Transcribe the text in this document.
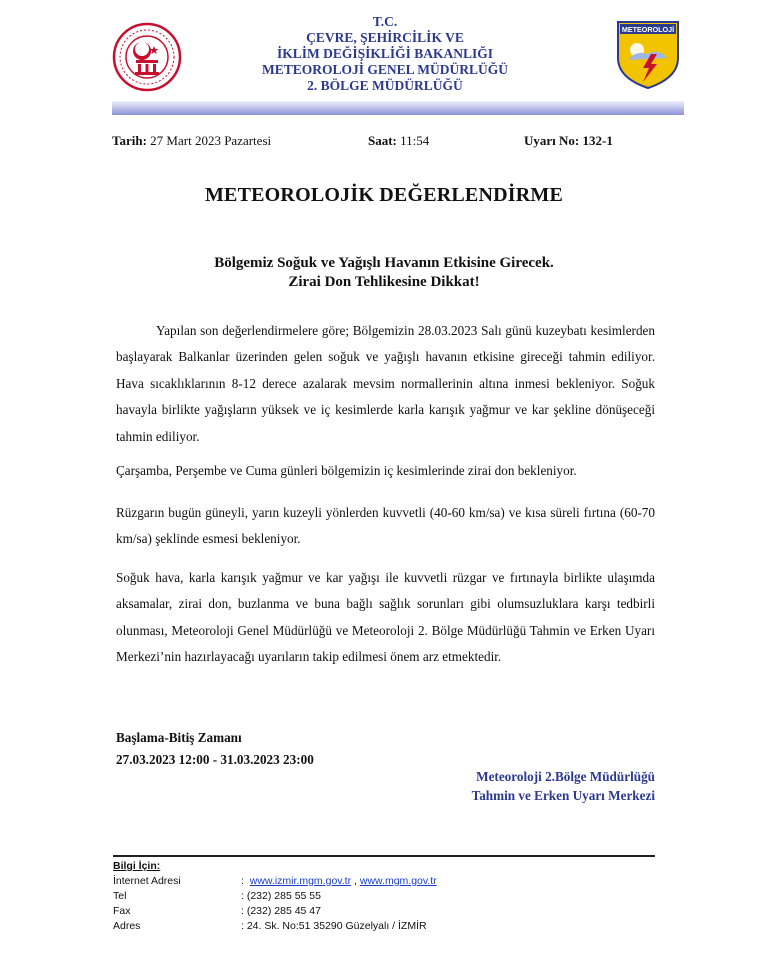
T.C.
ÇEVRE, ŞEHİRCİLİK VE
İKLİM DEĞİŞİKLİĞİ BAKANLIĞI
METEOROLOJİ GENEL MÜDÜRLÜĞÜ
2. BÖLGE MÜDÜRLÜĞÜ
METEOROLOJİ
Tarih: 27 Mart 2023 Pazartesi	Saat: 11:54	Uyarı No: 132-1
METEOROLOJİK DEĞERLENDİRME
Bölgemiz Soğuk ve Yağışlı Havanın Etkisine Girecek.
Zirai Don Tehlikesine Dikkat!
Yapılan son değerlendirmelere göre; Bölgemizin 28.03.2023 Salı günü kuzeybatı kesimlerden başlayarak Balkanlar üzerinden gelen soğuk ve yağışlı havanın etkisine gireceği tahmin ediliyor. Hava sıcaklıklarının 8-12 derece azalarak mevsim normallerinin altına inmesi bekleniyor. Soğuk havayla birlikte yağışların yüksek ve iç kesimlerde karla karışık yağmur ve kar şekline dönüşeceği tahmin ediliyor.
Çarşamba, Perşembe ve Cuma günleri bölgemizin iç kesimlerinde zirai don bekleniyor.
Rüzgarın bugün güneyli, yarın kuzeyli yönlerden kuvvetli (40-60 km/sa) ve kısa süreli fırtına (60-70 km/sa) şeklinde esmesi bekleniyor.
Soğuk hava, karla karışık yağmur ve kar yağışı ile kuvvetli rüzgar ve fırtınayla birlikte ulaşımda aksamalar, zirai don, buzlanma ve buna bağlı sağlık sorunları gibi olumsuzluklara karşı tedbirli olunması, Meteoroloji Genel Müdürlüğü ve Meteoroloji 2. Bölge Müdürlüğü Tahmin ve Erken Uyarı Merkezi’nin hazırlayacağı uyarıların takip edilmesi önem arz etmektedir.
Başlama-Bitiş Zamanı
27.03.2023 12:00 - 31.03.2023 23:00
Meteoroloji 2.Bölge Müdürlüğü
Tahmin ve Erken Uyarı Merkezi
Bilgi İçin:
İnternet Adresi	: www.izmir.mgm.gov.tr , www.mgm.gov.tr
Tel	: (232) 285 55 55
Fax	: (232) 285 45 47
Adres	: 24. Sk. No:51 35290 Güzelyalı / İZMİR
